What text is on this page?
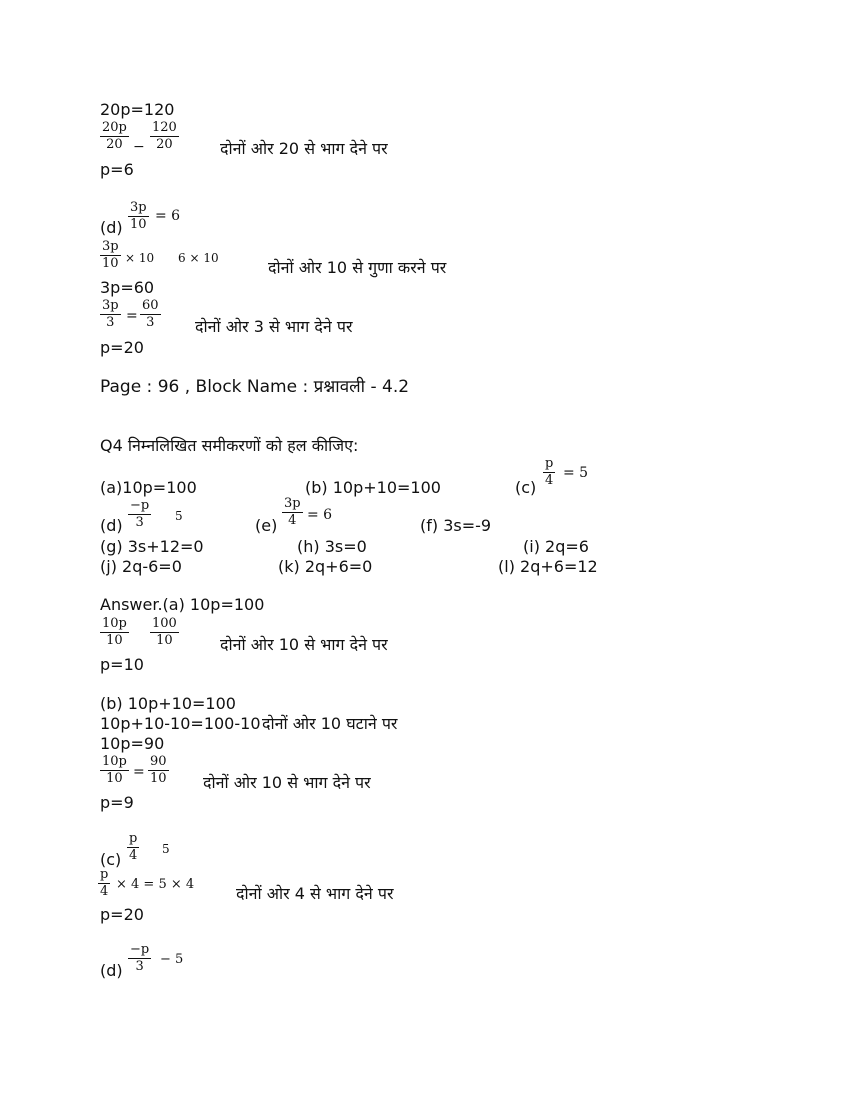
20p=120
20p
20 −
120
20	दोनों ओर 20 से भाग देने पर
p=6
(d)
3p
10
= 6
3p
10 × 10 6 × 10	दोनों ओर 10 से गुणा करने पर
3p=60
3p
3 =
60
3	दोनों ओर 3 से भाग देने पर
p=20
Page : 96 , Block Name : प्रश्नावली - 4.2
Q4 निम्नलिखित समीकरणों को हल कीजिए:
(a)10p=100	(b) 10p+10=100	(c)
p
4 = 5
(d)
−p
3	5	(e)
3p
4 = 6
(f) 3s=-9
(g) 3s+12=0	(h) 3s=0	(i) 2q=6
(j) 2q-6=0	(k) 2q+6=0	(l) 2q+6=12
Answer.(a) 10p=100
10p
10
100
10	दोनों ओर 10 से भाग देने पर
p=10
(b) 10p+10=100
10p+10-10=100-10 दोनों ओर 10 घटाने पर
10p=90
10p
10 =
90
10 दोनों ओर 10 से भाग देने पर
p=9
(c)
p
4 5
p
4 × 4 = 5 × 4	दोनों ओर 4 से भाग देने पर
p=20
(d)
−p
3	− 5
